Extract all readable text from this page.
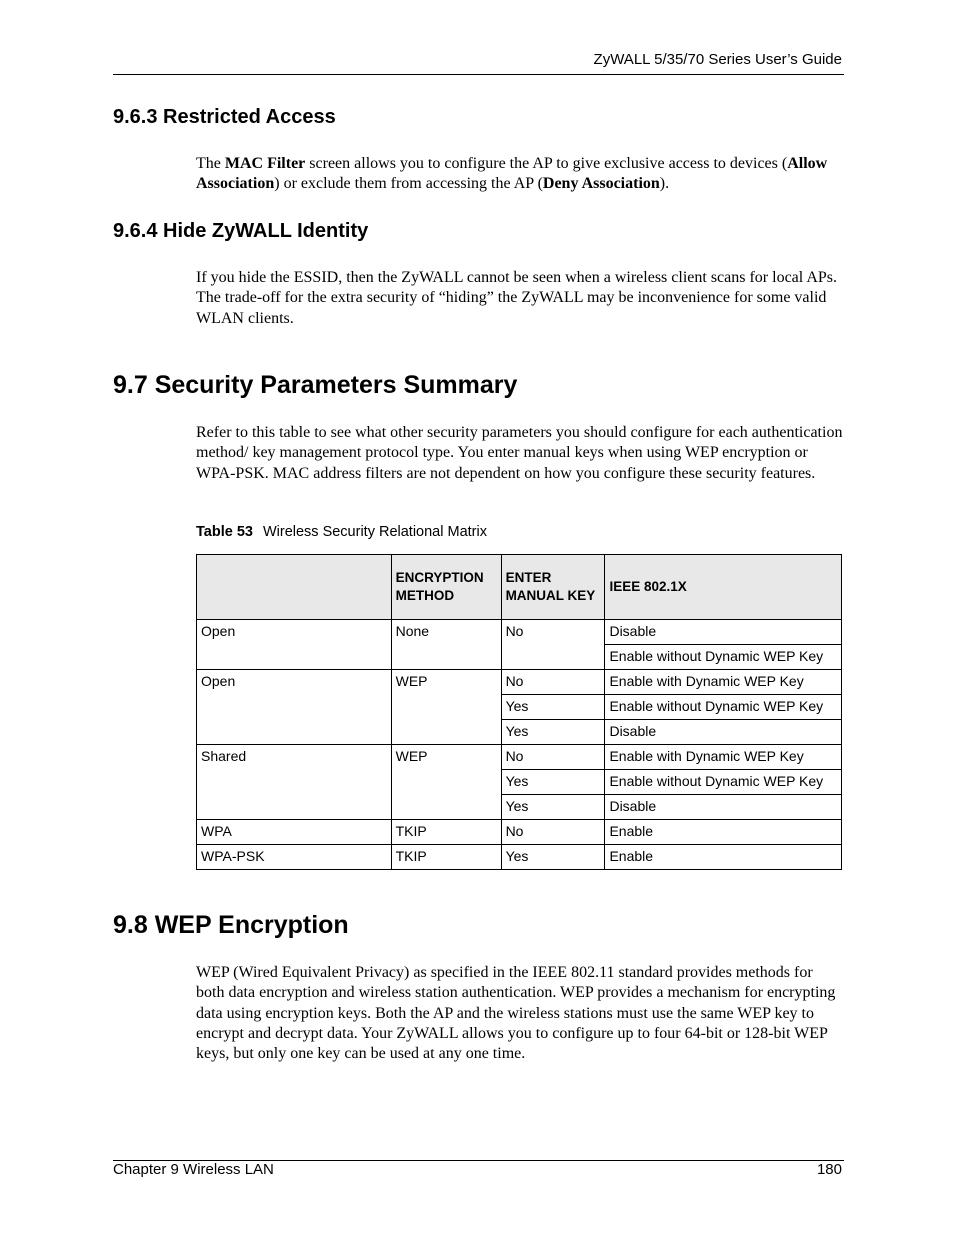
ZyWALL 5/35/70 Series User’s Guide
9.6.3 Restricted Access

The MAC Filter screen allows you to configure the AP to give exclusive access to devices (Allow Association) or exclude them from accessing the AP (Deny Association).

9.6.4 Hide ZyWALL Identity

If you hide the ESSID, then the ZyWALL cannot be seen when a wireless client scans for local APs. The trade-off for the extra security of “hiding” the ZyWALL may be inconvenience for some valid WLAN clients.

9.7 Security Parameters Summary

Refer to this table to see what other security parameters you should configure for each authentication method/ key management protocol type. You enter manual keys when using WEP encryption or WPA-PSK. MAC address filters are not dependent on how you configure these security features.

Table 53 Wireless Security Relational Matrix
	ENCRYPTION METHOD	ENTER MANUAL KEY	IEEE 802.1X
Open	None	No	Disable
			Enable without Dynamic WEP Key
Open	WEP	No	Enable with Dynamic WEP Key
		Yes	Enable without Dynamic WEP Key
		Yes	Disable
Shared	WEP	No	Enable with Dynamic WEP Key
		Yes	Enable without Dynamic WEP Key
		Yes	Disable
WPA	TKIP	No	Enable
WPA-PSK	TKIP	Yes	Enable
9.8 WEP Encryption

WEP (Wired Equivalent Privacy) as specified in the IEEE 802.11 standard provides methods for both data encryption and wireless station authentication. WEP provides a mechanism for encrypting data using encryption keys. Both the AP and the wireless stations must use the same WEP key to encrypt and decrypt data. Your ZyWALL allows you to configure up to four 64-bit or 128-bit WEP keys, but only one key can be used at any one time.

Chapter 9 Wireless LAN	180
